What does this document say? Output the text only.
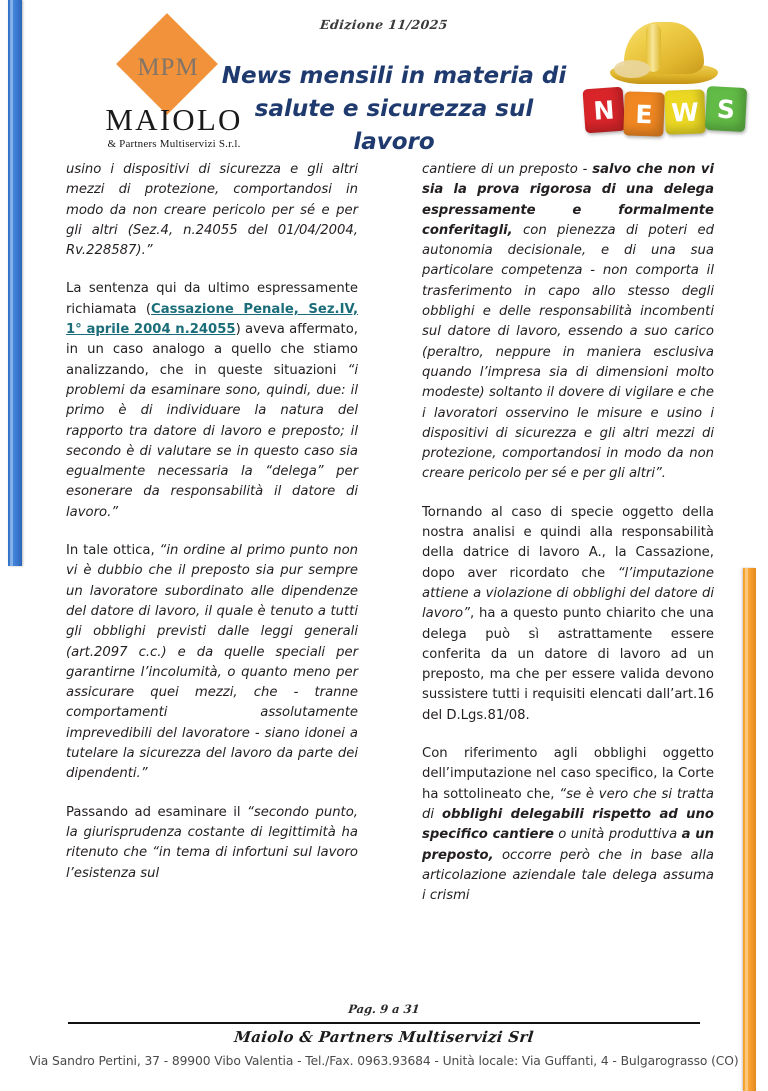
Edizione 11/2025
MPM
MAIOLO
& Partners Multiservizi S.r.l.
News mensili in materia di
salute e sicurezza sul lavoro
N E W S

usino i dispositivi di sicurezza e gli altri mezzi di protezione, comportandosi in modo da non creare pericolo per sé e per gli altri (Sez.4, n.24055 del 01/04/2004, Rv.228587).”

La sentenza qui da ultimo espressamente richiamata (Cassazione Penale, Sez.IV, 1° aprile 2004 n.24055) aveva affermato, in un caso analogo a quello che stiamo analizzando, che in queste situazioni “i problemi da esaminare sono, quindi, due: il primo è di individuare la natura del rapporto tra datore di lavoro e preposto; il secondo è di valutare se in questo caso sia egualmente necessaria la “delega” per esonerare da responsabilità il datore di lavoro.”

In tale ottica, “in ordine al primo punto non vi è dubbio che il preposto sia pur sempre un lavoratore subordinato alle dipendenze del datore di lavoro, il quale è tenuto a tutti gli obblighi previsti dalle leggi generali (art.2097 c.c.) e da quelle speciali per garantirne l’incolumità, o quanto meno per assicurare quei mezzi, che - tranne comportamenti assolutamente imprevedibili del lavoratore - siano idonei a tutelare la sicurezza del lavoro da parte dei dipendenti.”

Passando ad esaminare il “secondo punto, la giurisprudenza costante di legittimità ha ritenuto che “in tema di infortuni sul lavoro l’esistenza sul

cantiere di un preposto - salvo che non vi sia la prova rigorosa di una delega espressamente e formalmente conferitagli, con pienezza di poteri ed autonomia decisionale, e di una sua particolare competenza - non comporta il trasferimento in capo allo stesso degli obblighi e delle responsabilità incombenti sul datore di lavoro, essendo a suo carico (peraltro, neppure in maniera esclusiva quando l’impresa sia di dimensioni molto modeste) soltanto il dovere di vigilare e che i lavoratori osservino le misure e usino i dispositivi di sicurezza e gli altri mezzi di protezione, comportandosi in modo da non creare pericolo per sé e per gli altri”.

Tornando al caso di specie oggetto della nostra analisi e quindi alla responsabilità della datrice di lavoro A., la Cassazione, dopo aver ricordato che “l’imputazione attiene a violazione di obblighi del datore di lavoro”, ha a questo punto chiarito che una delega può sì astrattamente essere conferita da un datore di lavoro ad un preposto, ma che per essere valida devono sussistere tutti i requisiti elencati dall’art.16 del D.Lgs.81/08.

Con riferimento agli obblighi oggetto dell’imputazione nel caso specifico, la Corte ha sottolineato che, “se è vero che si tratta di obblighi delegabili rispetto ad uno specifico cantiere o unità produttiva a un preposto, occorre però che in base alla articolazione aziendale tale delega assuma i crismi

Pag. 9 a 31
Maiolo & Partners Multiservizi Srl
Via Sandro Pertini, 37 - 89900 Vibo Valentia - Tel./Fax. 0963.93684 - Unità locale: Via Guffanti, 4 - Bulgarograsso (CO)
